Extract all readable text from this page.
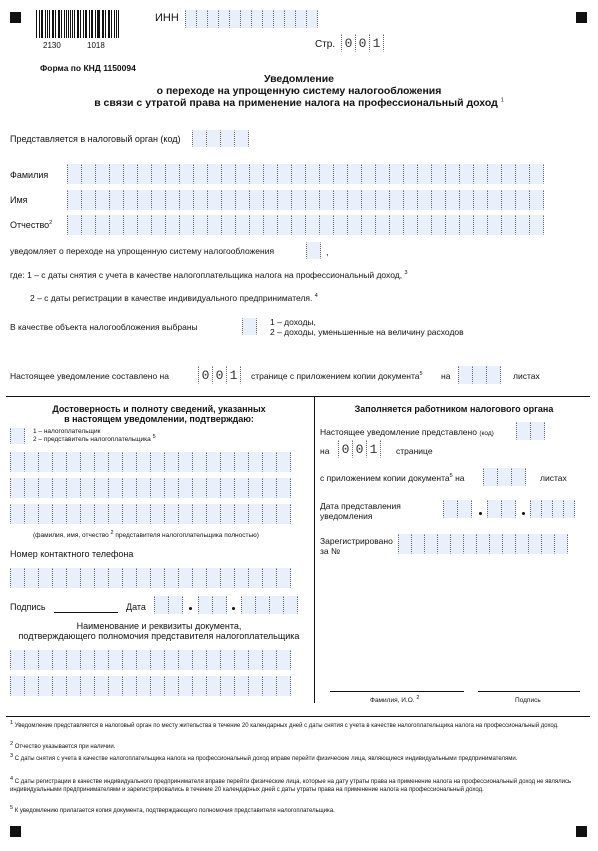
2130	1018
ИНН
Стр. 0 0 1
Форма по КНД 1150094
Уведомление
о переходе на упрощенную систему налогообложения
в связи с утратой права на применение налога на профессиональный доход $^1$
Представляется в налоговый орган (код)
Фамилия
Имя
Отчество$^2$
уведомляет о переходе на упрощенную систему налогообложения	,
где: 1 – с даты снятия с учета в качестве налогоплательщика налога на профессиональный доход, $^3$
2 – с даты регистрации в качестве индивидуального предпринимателя. $^4$
В качестве объекта налогообложения выбраны	1 – доходы,
2 – доходы, уменьшенные на величину расходов
Настоящее уведомление составлено на	0 0 1	странице с приложением копии документа$^5$ на	листах
Достоверность и полноту сведений, указанных
в настоящем уведомлении, подтверждаю:
1 – налогоплательщик
2 – представитель налогоплательщика $^5$
(фамилия, имя, отчество $^2$ представителя налогоплательщика полностью)
Номер контактного телефона
Подпись	Дата
Наименование и реквизиты документа,
подтверждающего полномочия представителя налогоплательщика
Заполняется работником налогового органа
Настоящее уведомление представлено (код)
на 0 0 1	странице
с приложением копии документа$^5$ на	листах
Дата представления
уведомления
Зарегистрировано
за №
Фамилия, И.О. $^2$	Подпись
$^1$ Уведомление представляется в налоговый орган по месту жительства в течение 20 календарных дней с даты снятия с учета в качестве налогоплательщика налога на профессиональный доход.
$^2$ Отчество указывается при наличии.
$^3$ С даты снятия с учета в качестве налогоплательщика налога на профессиональный доход вправе перейти физические лица, являющиеся индивидуальными предпринимателями.
$^4$ С даты регистрации в качестве индивидуального предпринимателя вправе перейти физические лица, которые на дату утраты права на применение налога на профессиональный доход не являлись индивидуальными предпринимателями и зарегистрировались в течение 20 календарных дней с даты утраты права на применение налога на профессиональный доход.
$^5$ К уведомлению прилагается копия документа, подтверждающего полномочия представителя налогоплательщика.
